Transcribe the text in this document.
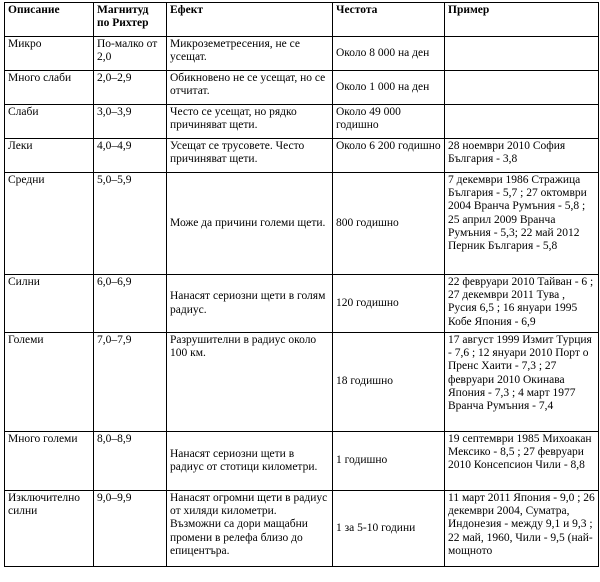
Описание	Магнитуд по Рихтер	Ефект	Честота	Пример
Микро	По-малко от 2,0	Микроземетресения, не се усещат.	Около 8 000 на ден	
Много слаби	2,0–2,9	Обикновено не се усещат, но се отчитат.	Около 1 000 на ден	
Слаби	3,0–3,9	Често се усещат, но рядко причиняват щети.	Около 49 000 годишно	
Леки	4,0–4,9	Усещат се трусовете. Често причиняват щети.	Около 6 200 годишно	28 ноември 2010 София България - 3,8
Средни	5,0–5,9	Може да причини големи щети.	800 годишно	7 декември 1986 Стражица България - 5,7 ; 27 октомври 2004 Вранча Румъния - 5,8 ; 25 април 2009 Вранча Румъния - 5,3; 22 май 2012 Перник България - 5,8
Силни	6,0–6,9	Нанасят сериозни щети в голям радиус.	120 годишно	22 февруари 2010 Тайван - 6 ; 27 декември 2011 Тува , Русия 6,5 ; 16 януари 1995 Кобе Япония - 6,9
Големи	7,0–7,9	Разрушителни в радиус около 100 км.	18 годишно	17 август 1999 Измит Турция - 7,6 ; 12 януари 2010 Порт о Пренс Хаити - 7,3 ; 27 февруари 2010 Окинава Япония - 7,3 ; 4 март 1977 Вранча Румъния - 7,4
Много големи	8,0–8,9	Нанасят сериозни щети в радиус от стотици километри.	1 годишно	19 септември 1985 Михоакан Мексико - 8,5 ; 27 февруари 2010 Консепсион Чили - 8,8
Изключително силни	9,0–9,9	Нанасят огромни щети в радиус от хиляди километри. Възможни са дори мащабни промени в релефа близо до епицентъра.	1 за 5-10 години	11 март 2011 Япония - 9,0 ; 26 декември 2004, Суматра, Индонезия - между 9,1 и 9,3 ; 22 май, 1960, Чили - 9,5 (най-мощното
